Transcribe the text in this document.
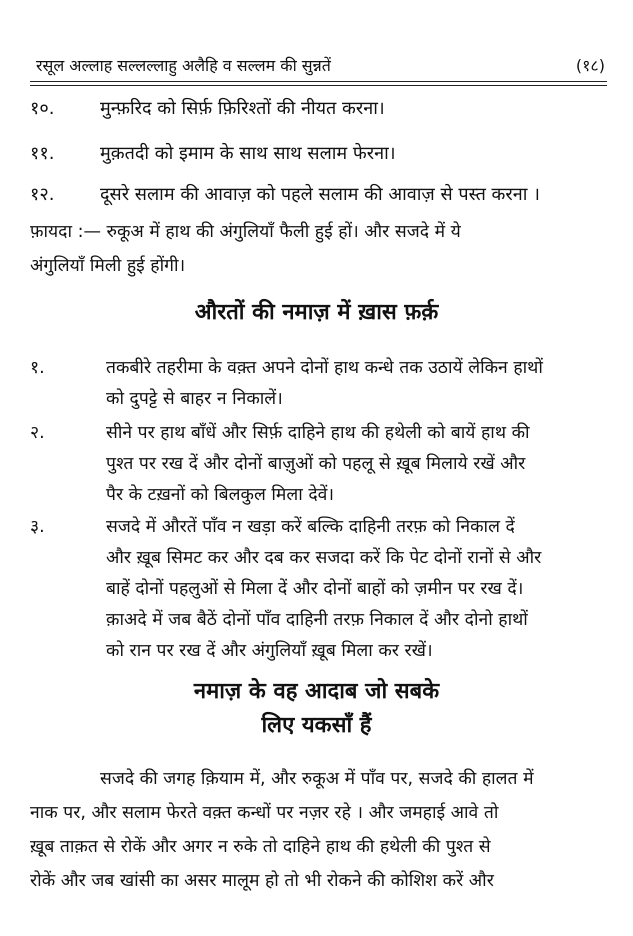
रसूल अल्लाह सल्लल्लाहु अलैहि व सल्लम की सुन्नतें	(१८)
१०.	मुन्फ़रिद को सिर्फ़ फ़िरिश्तों की नीयत करना।
११.	मुक़तदी को इमाम के साथ साथ सलाम फेरना।
१२.	दूसरे सलाम की आवाज़ को पहले सलाम की आवाज़ से पस्त करना ।

फ़ायदा :— रुकूअ में हाथ की अंगुलियाँ फैली हुई हों। और सजदे में ये

अंगुलियाँ मिली हुई होंगी।

औरतों की नमाज़ में ख़ास फ़र्क़
१.	तकबीरे तहरीमा के वक़्त अपने दोनों हाथ कन्धे तक उठायें लेकिन हाथों

को दुपट्टे से बाहर न निकालें।

२.	सीने पर हाथ बाँधें और सिर्फ़ दाहिने हाथ की हथेली को बायें हाथ की

पुश्त पर रख दें और दोनों बाज़ुओं को पहलू से ख़ूब मिलाये रखें और

पैर के टख़नों को बिलकुल मिला देवें।

३.	सजदे में औरतें पाँव न खड़ा करें बल्कि दाहिनी तरफ़ को निकाल दें

और ख़ूब सिमट कर और दब कर सजदा करें कि पेट दोनों रानों से और

बाहें दोनों पहलुओं से मिला दें और दोनों बाहों को ज़मीन पर रख दें।

क़ाअदे में जब बैठें दोनों पाँव दाहिनी तरफ़ निकाल दें और दोनो हाथों

को रान पर रख दें और अंगुलियाँ ख़ूब मिला कर रखें।

नमाज़ के वह आदाब जो सबके
लिए यकसाँ हैं

सजदे की जगह क़ियाम में, और रुकूअ में पाँव पर, सजदे की हालत में

नाक पर, और सलाम फेरते वक़्त कन्धों पर नज़र रहे । और जमहाई आवे तो

ख़ूब ताक़त से रोकें और अगर न रुके तो दाहिने हाथ की हथेली की पुश्त से

रोकें और जब खांसी का असर मालूम हो तो भी रोकने की कोशिश करें और
